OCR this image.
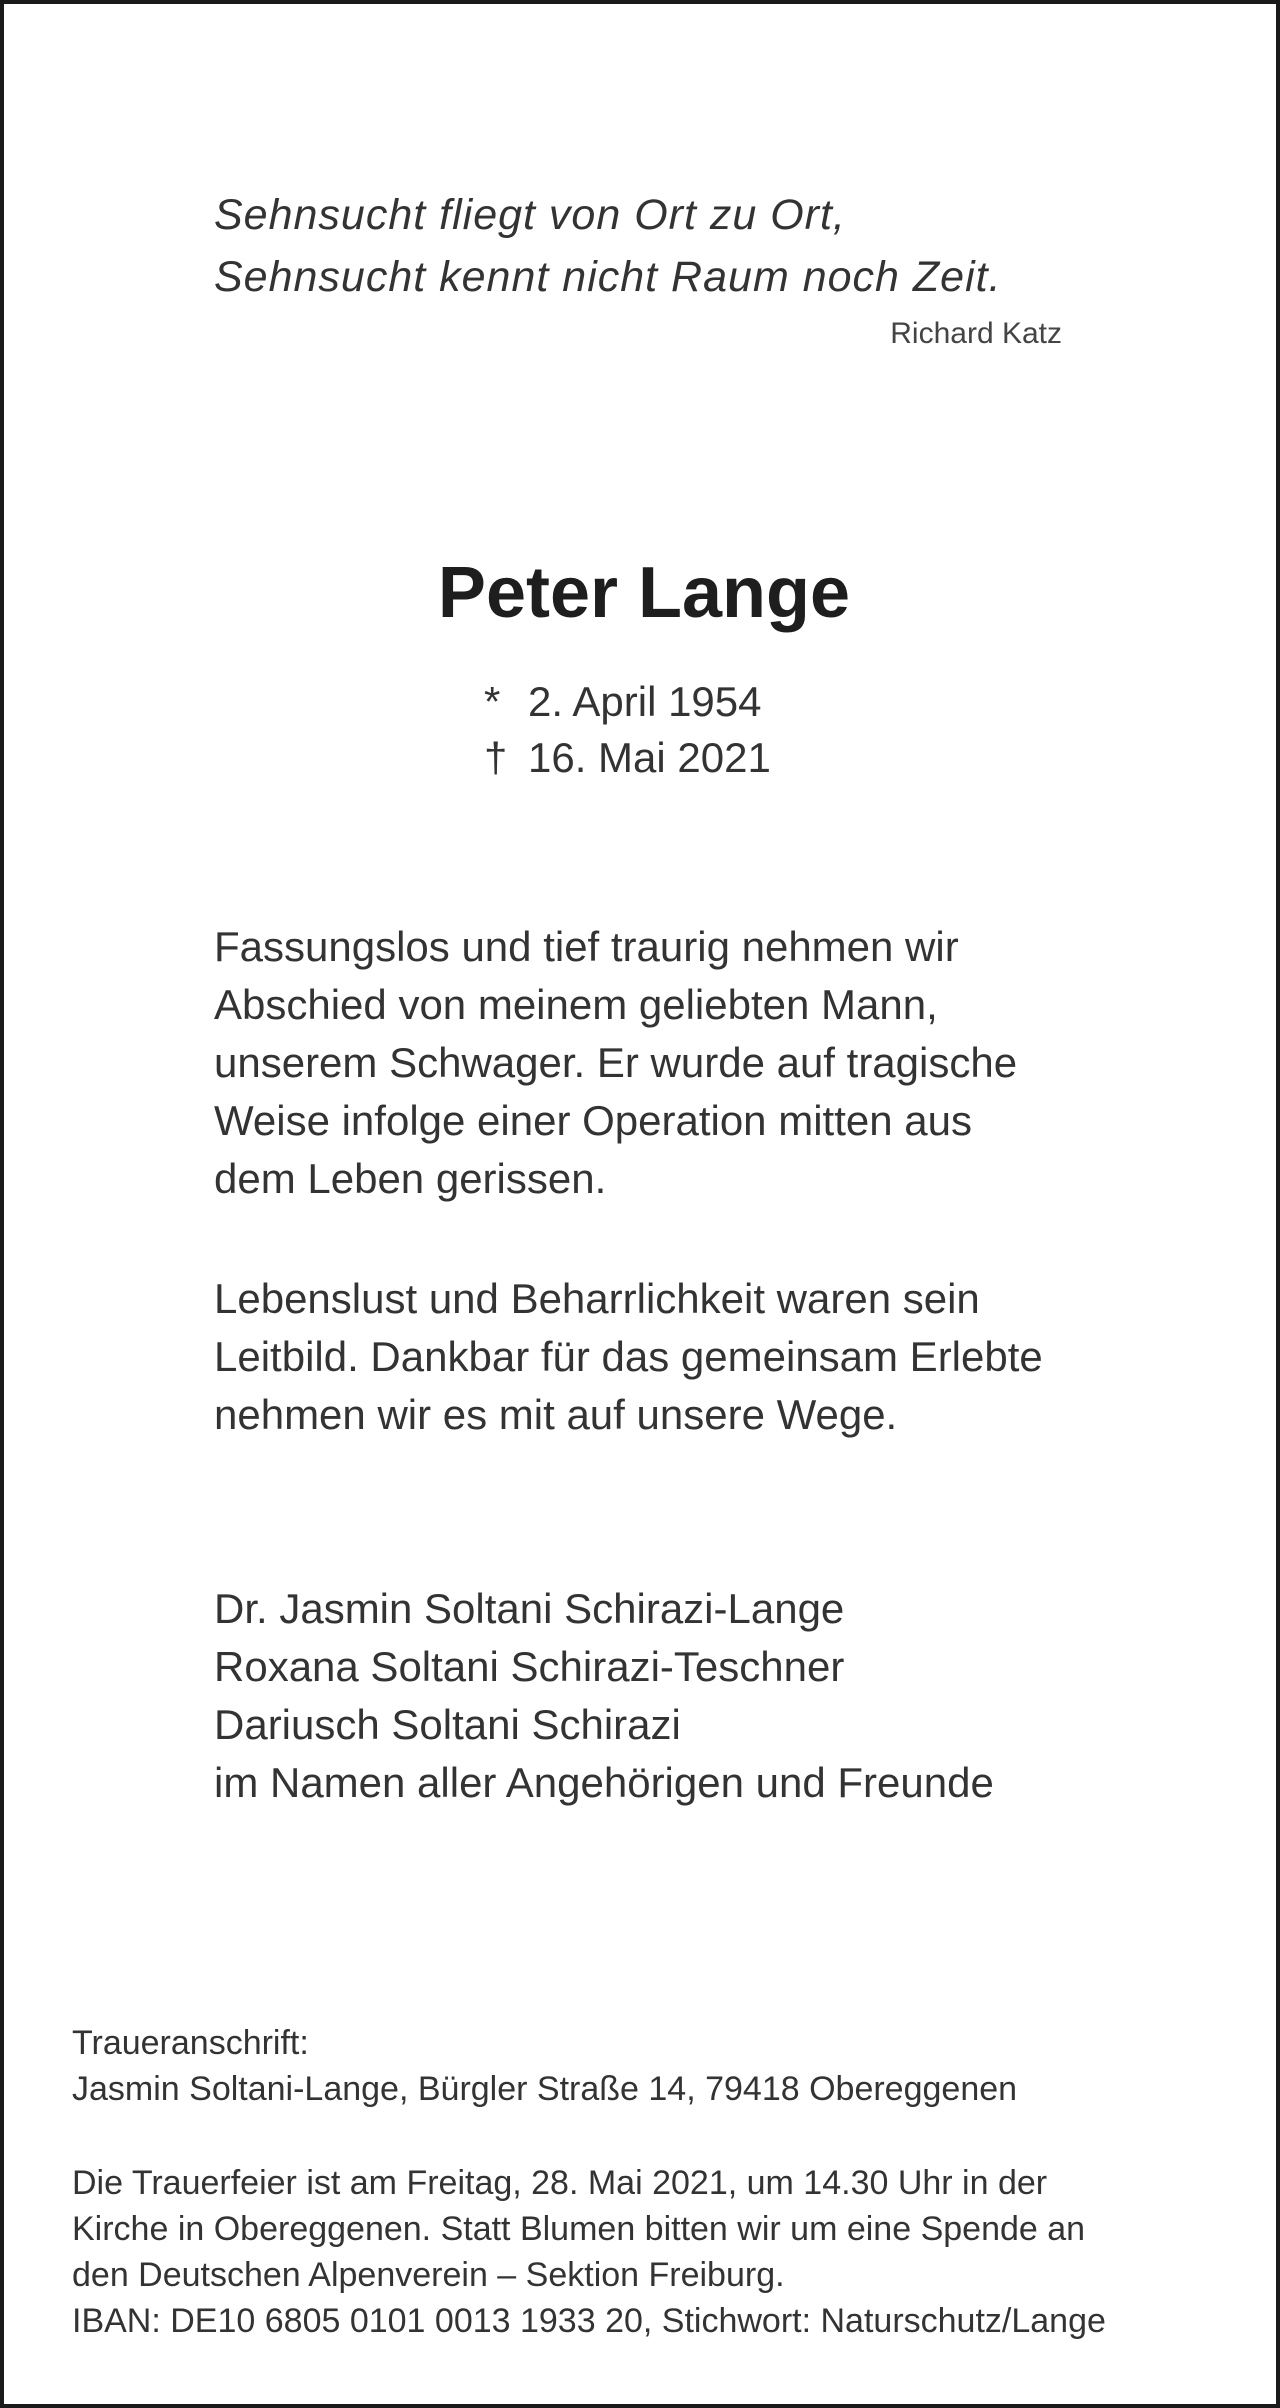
Sehnsucht fliegt von Ort zu Ort,
Sehnsucht kennt nicht Raum noch Zeit.
Richard Katz
Peter Lange
* 2. April 1954
† 16. Mai 2021
Fassungslos und tief traurig nehmen wir
Abschied von meinem geliebten Mann,
unserem Schwager. Er wurde auf tragische
Weise infolge einer Operation mitten aus
dem Leben gerissen.
Lebenslust und Beharrlichkeit waren sein
Leitbild. Dankbar für das gemeinsam Erlebte
nehmen wir es mit auf unsere Wege.
Dr. Jasmin Soltani Schirazi-Lange
Roxana Soltani Schirazi-Teschner
Dariusch Soltani Schirazi
im Namen aller Angehörigen und Freunde
Traueranschrift:
Jasmin Soltani-Lange, Bürgler Straße 14, 79418 Obereggenen
Die Trauerfeier ist am Freitag, 28. Mai 2021, um 14.30 Uhr in der
Kirche in Obereggenen. Statt Blumen bitten wir um eine Spende an
den Deutschen Alpenverein – Sektion Freiburg.
IBAN: DE10 6805 0101 0013 1933 20, Stichwort: Naturschutz/Lange
